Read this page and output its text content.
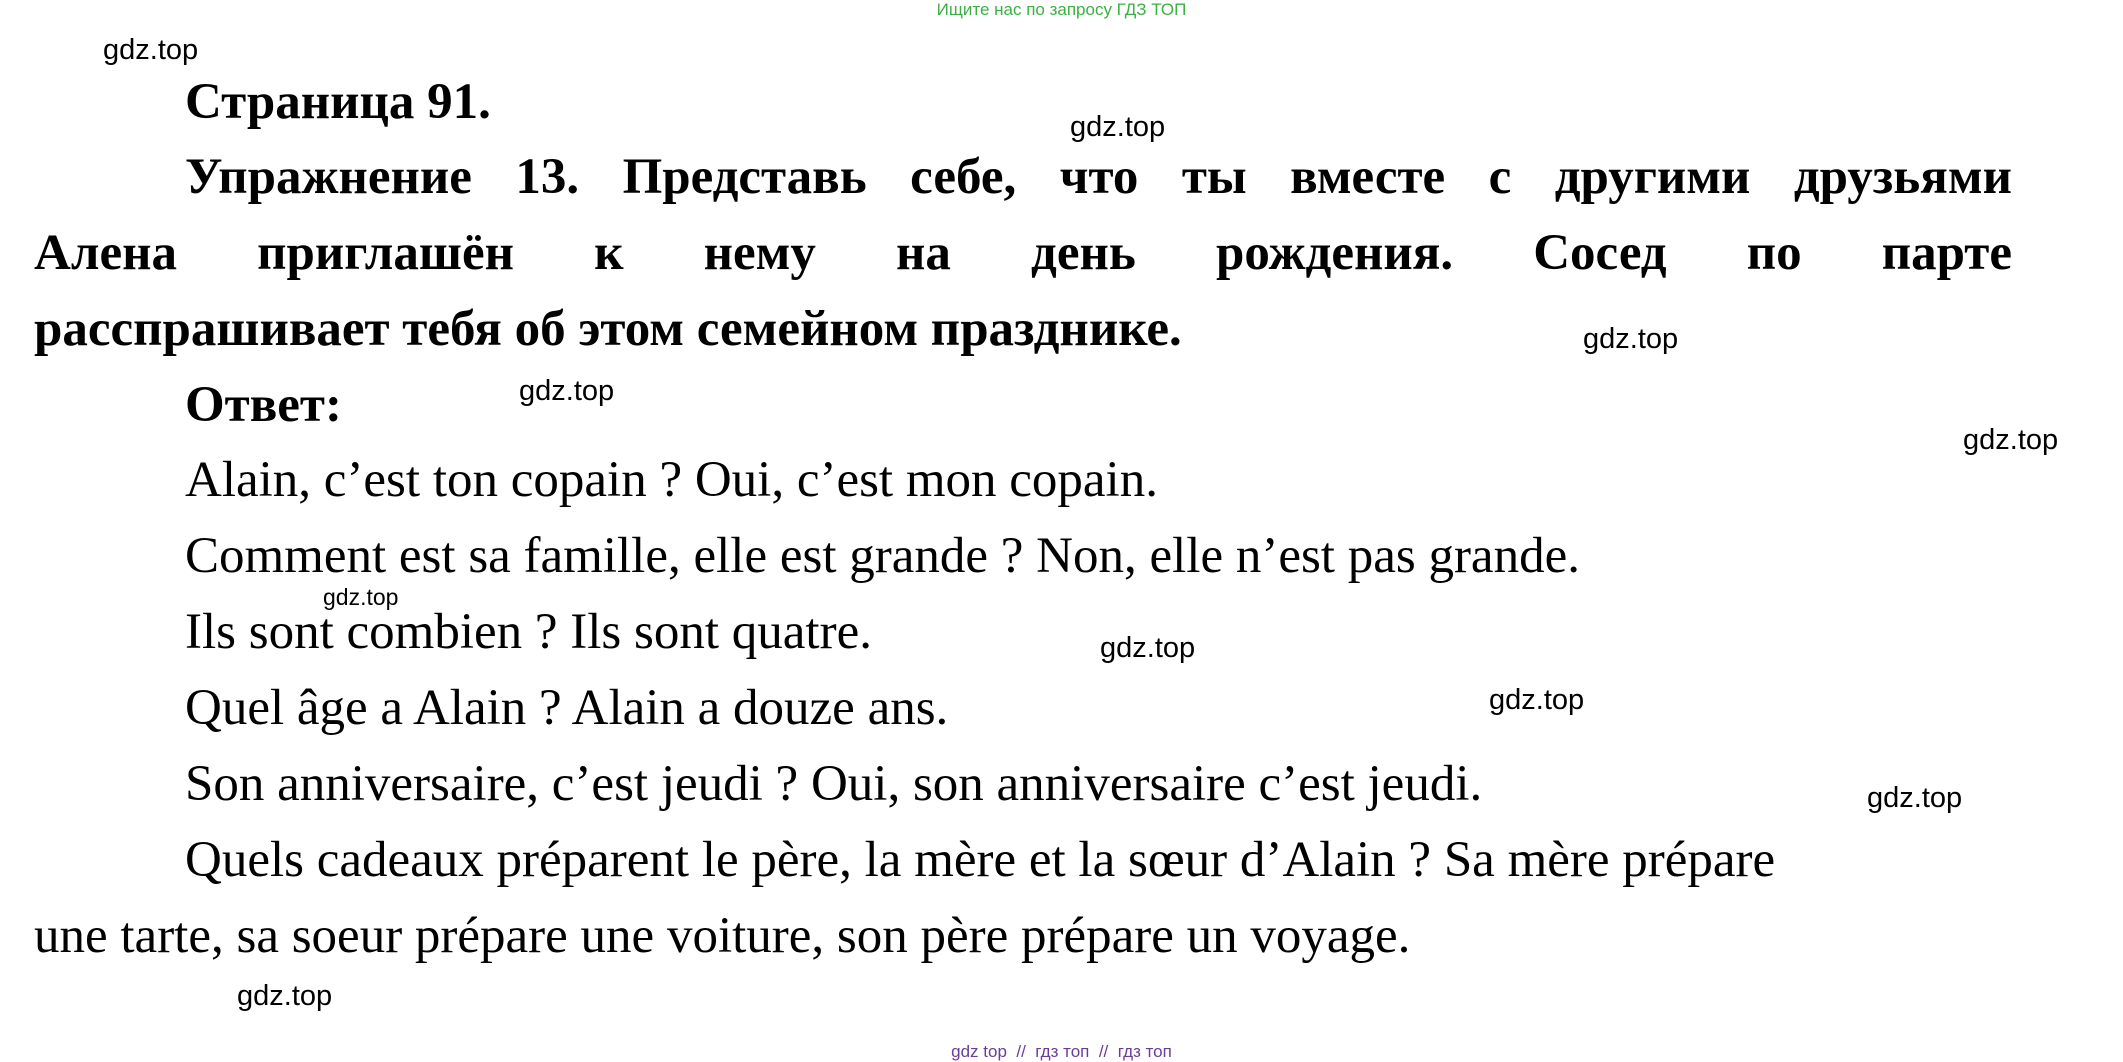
Ищите нас по запросу ГДЗ ТОП
gdz.top
gdz.top
gdz.top
gdz.top
gdz.top
gdz.top
gdz.top
gdz.top
gdz.top
gdz.top
Страница 91.
Упражнение 13. Представь себе, что ты вместе с другими друзьями
Алена приглашён к нему на день рождения. Сосед по парте
расспрашивает тебя об этом семейном празднике.
Ответ:
Alain, c’est ton copain ? Oui, c’est mon copain.
Comment est sa famille, elle est grande ? Non, elle n’est pas grande.
Ils sont combien ? Ils sont quatre.
Quel âge a Alain ? Alain a douze ans.
Son anniversaire, c’est jeudi ? Oui, son anniversaire c’est jeudi.
Quels cadeaux préparent le père, la mère et la sœur d’Alain ? Sa mère prépare
une tarte, sa soeur prépare une voiture, son père prépare un voyage.
gdz top  //  гдз топ  //  гдз топ
